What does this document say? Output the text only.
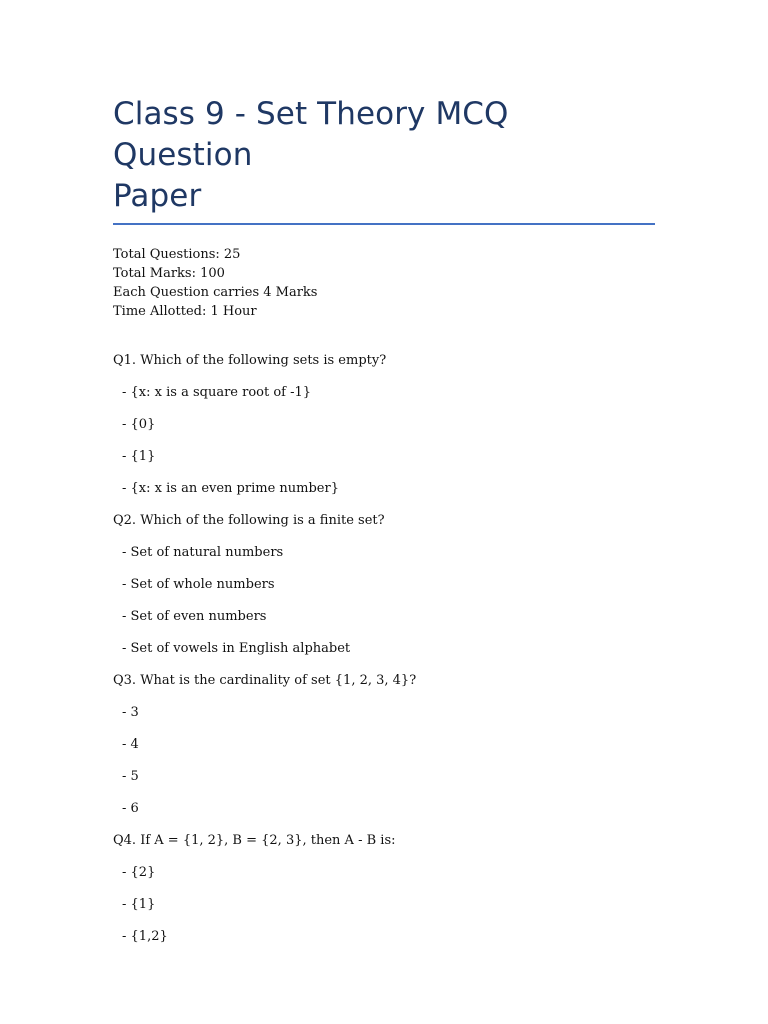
Class 9 - Set Theory MCQ Question
Paper
Total Questions: 25
Total Marks: 100
Each Question carries 4 Marks
Time Allotted: 1 Hour

Q1. Which of the following sets is empty?

- {x: x is a square root of -1}

- {0}

- {1}

- {x: x is an even prime number}

Q2. Which of the following is a finite set?

- Set of natural numbers

- Set of whole numbers

- Set of even numbers

- Set of vowels in English alphabet

Q3. What is the cardinality of set {1, 2, 3, 4}?

- 3

- 4

- 5

- 6

Q4. If A = {1, 2}, B = {2, 3}, then A - B is:

- {2}

- {1}

- {1,2}
